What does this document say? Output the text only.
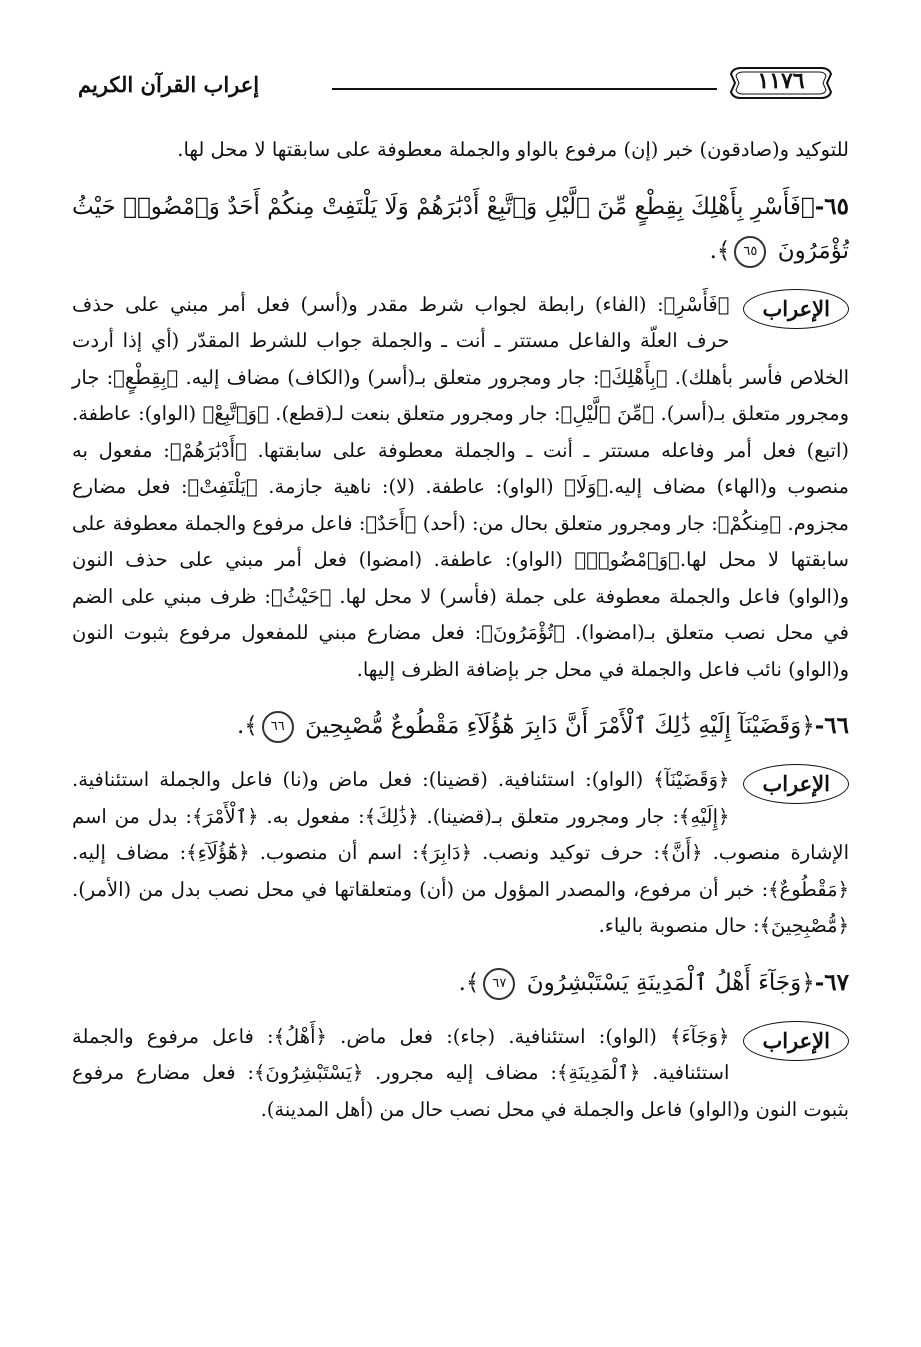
إعراب القرآن الكريم	١١٧٦

للتوكيد و(صادقون) خبر (إن) مرفوع بالواو والجملة معطوفة على سابقتها لا محل لها.

٦٥-﴿فَأَسْرِ بِأَهْلِكَ بِقِطْعٍ مِّنَ ٱلَّيْلِ وَٱتَّبِعْ أَدْبَٰرَهُمْ وَلَا يَلْتَفِتْ مِنكُمْ أَحَدٌ وَٱمْضُوا۟ حَيْثُ تُؤْمَرُونَ ٦٥﴾.

الإعراب
﴿فَأَسْرِ﴾: (الفاء) رابطة لجواب شرط مقدر و(أسر) فعل أمر مبني على حذف حرف العلّة والفاعل مستتر ـ أنت ـ والجملة جواب للشرط المقدّر (أي إذا أردت الخلاص فأسر بأهلك). ﴿بِأَهْلِكَ﴾: جار ومجرور متعلق بـ(أسر) و(الكاف) مضاف إليه. ﴿بِقِطْعٍ﴾: جار ومجرور متعلق بـ(أسر). ﴿مِّنَ ٱلَّيْلِ﴾: جار ومجرور متعلق بنعت لـ(قطع). ﴿وَٱتَّبِعْ﴾ (الواو): عاطفة. (اتبع) فعل أمر وفاعله مستتر ـ أنت ـ والجملة معطوفة على سابقتها. ﴿أَدْبَٰرَهُمْ﴾: مفعول به منصوب و(الهاء) مضاف إليه.﴿وَلَا﴾ (الواو): عاطفة. (لا): ناهية جازمة. ﴿يَلْتَفِتْ﴾: فعل مضارع مجزوم. ﴿مِنكُمْ﴾: جار ومجرور متعلق بحال من: (أحد) ﴿أَحَدٌ﴾: فاعل مرفوع والجملة معطوفة على سابقتها لا محل لها.﴿وَٱمْضُوا۟﴾ (الواو): عاطفة. (امضوا) فعل أمر مبني على حذف النون و(الواو) فاعل والجملة معطوفة على جملة (فأسر) لا محل لها. ﴿حَيْثُ﴾: ظرف مبني على الضم في محل نصب متعلق بـ(امضوا). ﴿تُؤْمَرُونَ﴾: فعل مضارع مبني للمفعول مرفوع بثبوت النون و(الواو) نائب فاعل والجملة في محل جر بإضافة الظرف إليها.

٦٦-﴿وَقَضَيْنَآ إِلَيْهِ ذَٰلِكَ ٱلْأَمْرَ أَنَّ دَابِرَ هَٰٓؤُلَآءِ مَقْطُوعٌ مُّصْبِحِينَ ٦٦﴾.

الإعراب
﴿وَقَضَيْنَآ﴾ (الواو): استئنافية. (قضينا): فعل ماض و(نا) فاعل والجملة استئنافية. ﴿إِلَيْهِ﴾: جار ومجرور متعلق بـ(قضينا). ﴿ذَٰلِكَ﴾: مفعول به. ﴿ٱلْأَمْرَ﴾: بدل من اسم الإشارة منصوب. ﴿أَنَّ﴾: حرف توكيد ونصب. ﴿دَابِرَ﴾: اسم أن منصوب. ﴿هَٰٓؤُلَآءِ﴾: مضاف إليه. ﴿مَقْطُوعٌ﴾: خبر أن مرفوع، والمصدر المؤول من (أن) ومتعلقاتها في محل نصب بدل من (الأمر). ﴿مُّصْبِحِينَ﴾: حال منصوبة بالياء.

٦٧-﴿وَجَآءَ أَهْلُ ٱلْمَدِينَةِ يَسْتَبْشِرُونَ ٦٧﴾.

الإعراب
﴿وَجَآءَ﴾ (الواو): استئنافية. (جاء): فعل ماض. ﴿أَهْلُ﴾: فاعل مرفوع والجملة استئنافية. ﴿ٱلْمَدِينَةِ﴾: مضاف إليه مجرور. ﴿يَسْتَبْشِرُونَ﴾: فعل مضارع مرفوع بثبوت النون و(الواو) فاعل والجملة في محل نصب حال من (أهل المدينة).
